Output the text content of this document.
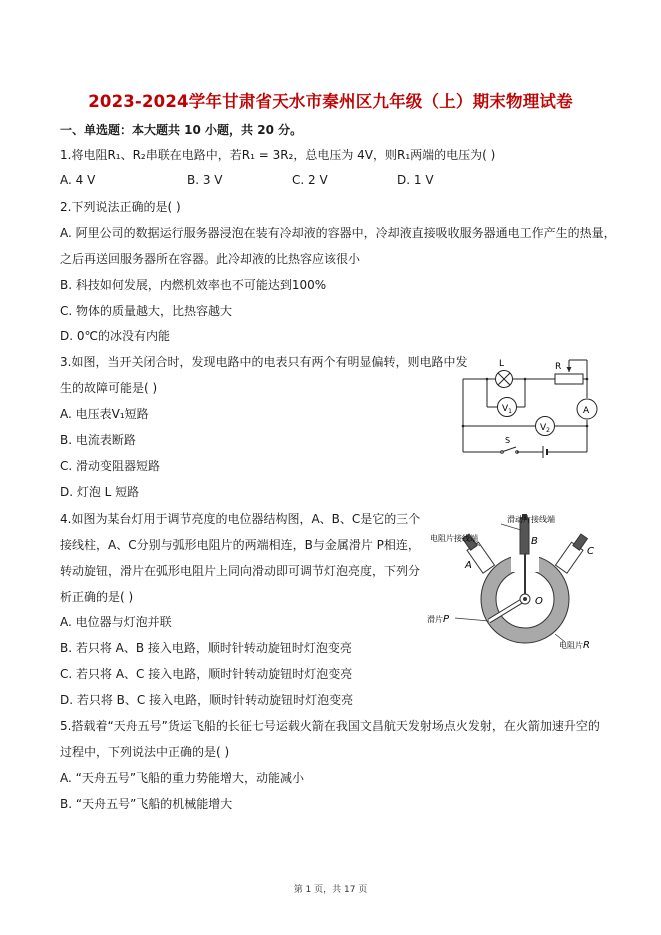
2023-2024学年甘肃省天水市秦州区九年级（上）期末物理试卷
一、单选题：本大题共 10 小题，共 20 分。
1.将电阻R₁、R₂串联在电路中，若R₁ = 3R₂，总电压为 4V，则R₁两端的电压为( )
A. 4 V	B. 3 V	C. 2 V	D. 1 V
2.下列说法正确的是( )
A. 阿里公司的数据运行服务器浸泡在装有冷却液的容器中，冷却液直接吸收服务器通电工作产生的热量，
之后再送回服务器所在容器。此冷却液的比热容应该很小
B. 科技如何发展，内燃机效率也不可能达到100%
C. 物体的质量越大，比热容越大
D. 0℃的冰没有内能
3.如图，当开关闭合时，发现电路中的电表只有两个有明显偏转，则电路中发
生的故障可能是( )
A. 电压表V₁短路
B. 电流表断路
C. 滑动变阻器短路
D. 灯泡 L 短路
L	R
$V_1$
$V_2$
A
S
4.如图为某台灯用于调节亮度的电位器结构图，A、B、C是它的三个
接线柱，A、C分别与弧形电阻片的两端相连，B与金属滑片 P相连，
转动旋钮，滑片在弧形电阻片上同向滑动即可调节灯泡亮度，下列分
析正确的是( )
A. 电位器与灯泡并联
B. 若只将 A、B 接入电路，顺时针转动旋钮时灯泡变亮
C. 若只将 A、C 接入电路，顺时针转动旋钮时灯泡变亮
D. 若只将 B、C 接入电路，顺时针转动旋钮时灯泡变亮
滑动片接线端
电阻片接线端
A
B
C
O
滑片P
电阻片R
5.搭载着“天舟五号”货运飞船的长征七号运载火箭在我国文昌航天发射场点火发射，在火箭加速升空的
过程中，下列说法中正确的是( )
A. “天舟五号”飞船的重力势能增大，动能减小
B. “天舟五号”飞船的机械能增大
第 1 页，共 17 页
